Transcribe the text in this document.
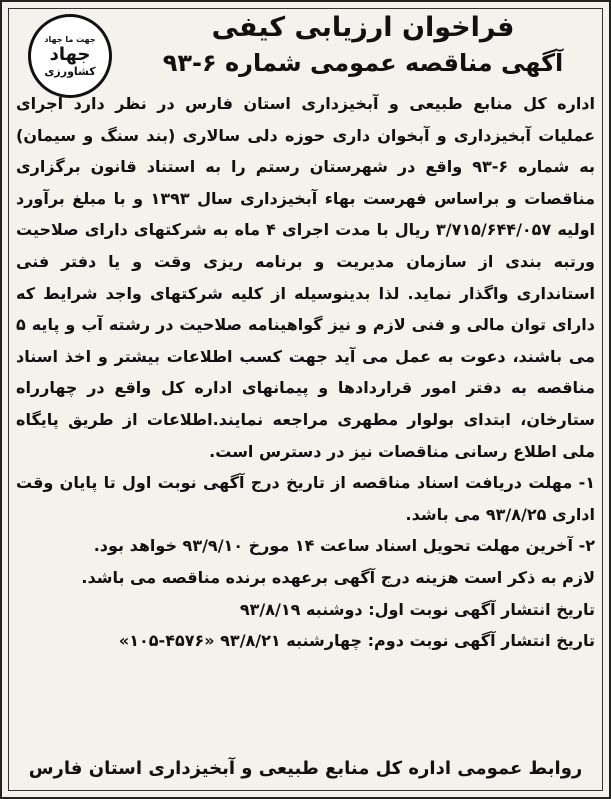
جهت ما جهاد
جهاد
کشاورزی
فراخوان ارزیابی کیفی
آگهی مناقصه عمومی شماره ۶-۹۳

اداره کل منابع طبیعی و آبخیزداری استان فارس در نظر دارد اجرای عملیات آبخیزداری و آبخوان داری حوزه دلی سالاری (بند سنگ و سیمان) به شماره ۶-۹۳ واقع در شهرستان رستم را به استناد قانون برگزاری مناقصات و براساس فهرست بهاء آبخیزداری سال ۱۳۹۳ و با مبلغ برآورد اولیه ۳/۷۱۵/۶۴۴/۰۵۷ ریال با مدت اجرای ۴ ماه به شرکتهای دارای صلاحیت ورتبه بندی از سازمان مدیریت و برنامه ریزی وقت و یا دفتر فنی استانداری واگذار نماید. لذا بدینوسیله از کلیه شرکتهای واجد شرایط که دارای توان مالی و فنی لازم و نیز گواهینامه صلاحیت در رشته آب و پایه ۵ می باشند، دعوت به عمل می آید جهت کسب اطلاعات بیشتر و اخذ اسناد مناقصه به دفتر امور قراردادها و پیمانهای اداره کل واقع در چهارراه ستارخان، ابتدای بولوار مطهری مراجعه نمایند.اطلاعات از طریق پایگاه ملی اطلاع رسانی مناقصات نیز در دسترس است.

۱- مهلت دریافت اسناد مناقصه از تاریخ درج آگهی نوبت اول تا پایان وقت اداری ۹۳/۸/۲۵ می باشد.

۲- آخرین مهلت تحویل اسناد ساعت ۱۴ مورخ ۹۳/۹/۱۰ خواهد بود.

لازم به ذکر است هزینه درج آگهی برعهده برنده مناقصه می باشد.

تاریخ انتشار آگهی نوبت اول: دوشنبه ۹۳/۸/۱۹

تاریخ انتشار آگهی نوبت دوم: چهارشنبه ۹۳/۸/۲۱ «۴۵۷۶-۱۰۵»

روابط عمومی اداره کل منابع طبیعی و آبخیزداری استان فارس
